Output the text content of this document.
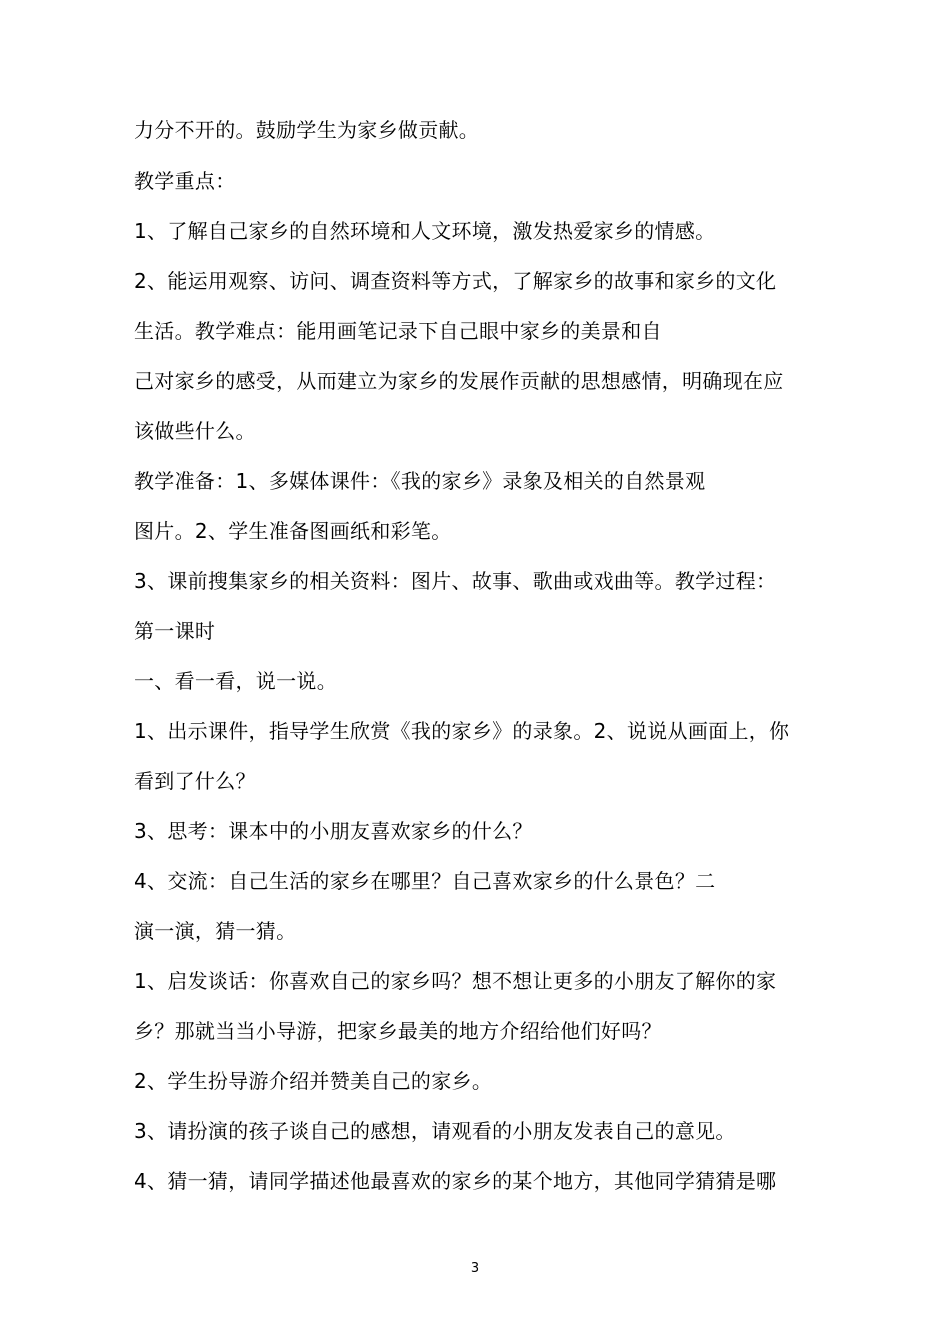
力分不开的。鼓励学生为家乡做贡献。

教学重点：

1、了解自己家乡的自然环境和人文环境，激发热爱家乡的情感。

2、能运用观察、访问、调查资料等方式，了解家乡的故事和家乡的文化

生活。教学难点：能用画笔记录下自己眼中家乡的美景和自

己对家乡的感受，从而建立为家乡的发展作贡献的思想感情，明确现在应

该做些什么。

教学准备：1、多媒体课件：《我的家乡》录象及相关的自然景观

图片。2、学生准备图画纸和彩笔。

3、课前搜集家乡的相关资料：图片、故事、歌曲或戏曲等。教学过程：

第一课时

一、看一看，说一说。

1、出示课件，指导学生欣赏《我的家乡》的录象。2、说说从画面上，你

看到了什么？

3、思考：课本中的小朋友喜欢家乡的什么？

4、交流：自己生活的家乡在哪里？自己喜欢家乡的什么景色？二

演一演，猜一猜。

1、启发谈话：你喜欢自己的家乡吗？想不想让更多的小朋友了解你的家

乡？那就当当小导游，把家乡最美的地方介绍给他们好吗？

2、学生扮导游介绍并赞美自己的家乡。

3、请扮演的孩子谈自己的感想，请观看的小朋友发表自己的意见。

4、猜一猜，请同学描述他最喜欢的家乡的某个地方，其他同学猜猜是哪

3
